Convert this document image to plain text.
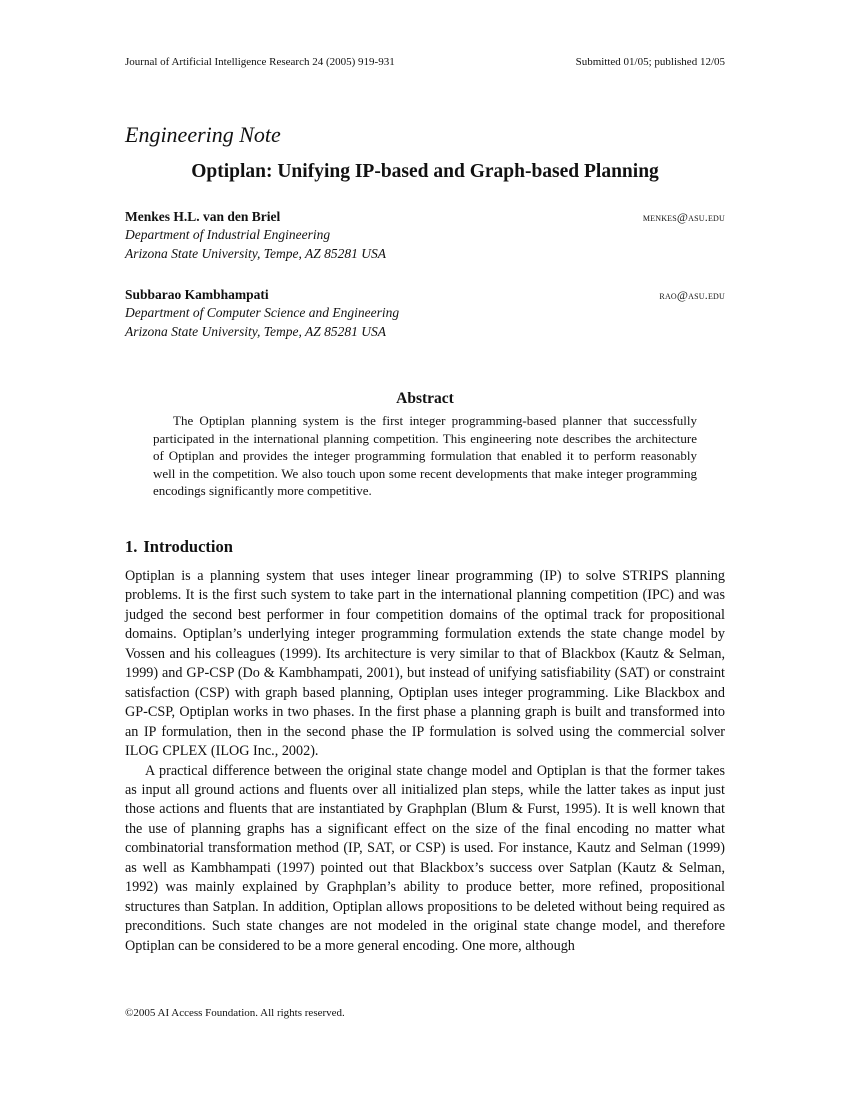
Journal of Artificial Intelligence Research 24 (2005) 919-931	Submitted 01/05; published 12/05
Engineering Note
Optiplan: Unifying IP-based and Graph-based Planning
Menkes H.L. van den Briel	menkes@asu.edu
Department of Industrial Engineering
Arizona State University, Tempe, AZ 85281 USA
Subbarao Kambhampati	rao@asu.edu
Department of Computer Science and Engineering
Arizona State University, Tempe, AZ 85281 USA
Abstract

The Optiplan planning system is the first integer programming-based planner that successfully participated in the international planning competition. This engineering note describes the architecture of Optiplan and provides the integer programming formulation that enabled it to perform reasonably well in the competition. We also touch upon some recent developments that make integer programming encodings significantly more competitive.

1. Introduction

Optiplan is a planning system that uses integer linear programming (IP) to solve STRIPS planning problems. It is the first such system to take part in the international planning competition (IPC) and was judged the second best performer in four competition domains of the optimal track for propositional domains. Optiplan’s underlying integer programming formulation extends the state change model by Vossen and his colleagues (1999). Its architecture is very similar to that of Blackbox (Kautz & Selman, 1999) and GP-CSP (Do & Kambhampati, 2001), but instead of unifying satisfiability (SAT) or constraint satisfaction (CSP) with graph based planning, Optiplan uses integer programming. Like Blackbox and GP-CSP, Optiplan works in two phases. In the first phase a planning graph is built and transformed into an IP formulation, then in the second phase the IP formulation is solved using the commercial solver ILOG CPLEX (ILOG Inc., 2002).

A practical difference between the original state change model and Optiplan is that the former takes as input all ground actions and fluents over all initialized plan steps, while the latter takes as input just those actions and fluents that are instantiated by Graphplan (Blum & Furst, 1995). It is well known that the use of planning graphs has a significant effect on the size of the final encoding no matter what combinatorial transformation method (IP, SAT, or CSP) is used. For instance, Kautz and Selman (1999) as well as Kambhampati (1997) pointed out that Blackbox’s success over Satplan (Kautz & Selman, 1992) was mainly explained by Graphplan’s ability to produce better, more refined, propositional structures than Satplan. In addition, Optiplan allows propositions to be deleted without being required as preconditions. Such state changes are not modeled in the original state change model, and therefore Optiplan can be considered to be a more general encoding. One more, although

©2005 AI Access Foundation. All rights reserved.
